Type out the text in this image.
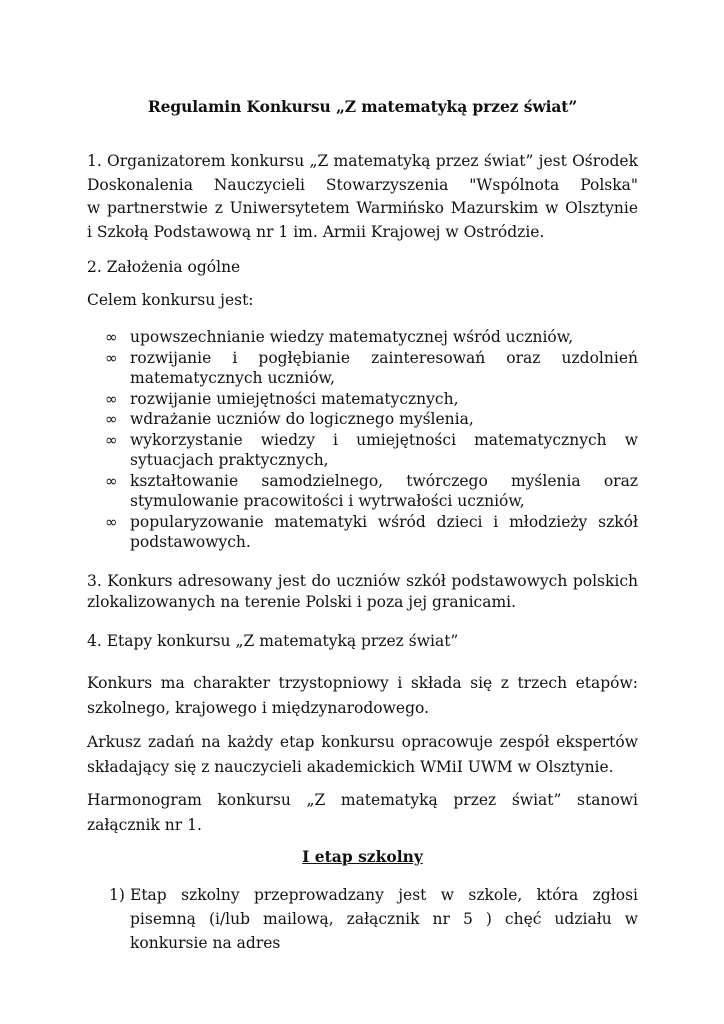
Regulamin Konkursu „Z matematyką przez świat”
1. Organizatorem konkursu „Z matematyką przez świat” jest Ośrodek
Doskonalenia Nauczycieli Stowarzyszenia "Wspólnota Polska"
w partnerstwie z Uniwersytetem Warmińsko Mazurskim w Olsztynie
i Szkołą Podstawową nr 1 im. Armii Krajowej w Ostródzie.
2. Założenia ogólne
Celem konkursu jest:
∞ upowszechnianie wiedzy matematycznej wśród uczniów,
∞ rozwijanie i pogłębianie zainteresowań oraz uzdolnień matematycznych uczniów,
∞ rozwijanie umiejętności matematycznych,
∞ wdrażanie uczniów do logicznego myślenia,
∞ wykorzystanie wiedzy i umiejętności matematycznych w sytuacjach praktycznych,
∞ kształtowanie samodzielnego, twórczego myślenia oraz stymulowanie pracowitości i wytrwałości uczniów,
∞ popularyzowanie matematyki wśród dzieci i młodzieży szkół podstawowych.
3. Konkurs adresowany jest do uczniów szkół podstawowych polskich zlokalizowanych na terenie Polski i poza jej granicami.
4. Etapy konkursu „Z matematyką przez świat”
Konkurs ma charakter trzystopniowy i składa się z trzech etapów: szkolnego, krajowego i międzynarodowego.
Arkusz zadań na każdy etap konkursu opracowuje zespół ekspertów składający się z nauczycieli akademickich WMiI UWM w Olsztynie.
Harmonogram konkursu „Z matematyką przez świat” stanowi załącznik nr 1.
I etap szkolny
1) Etap szkolny przeprowadzany jest w szkole, która zgłosi pisemną (i/lub mailową, załącznik nr 5 ) chęć udziału w konkursie na adres
